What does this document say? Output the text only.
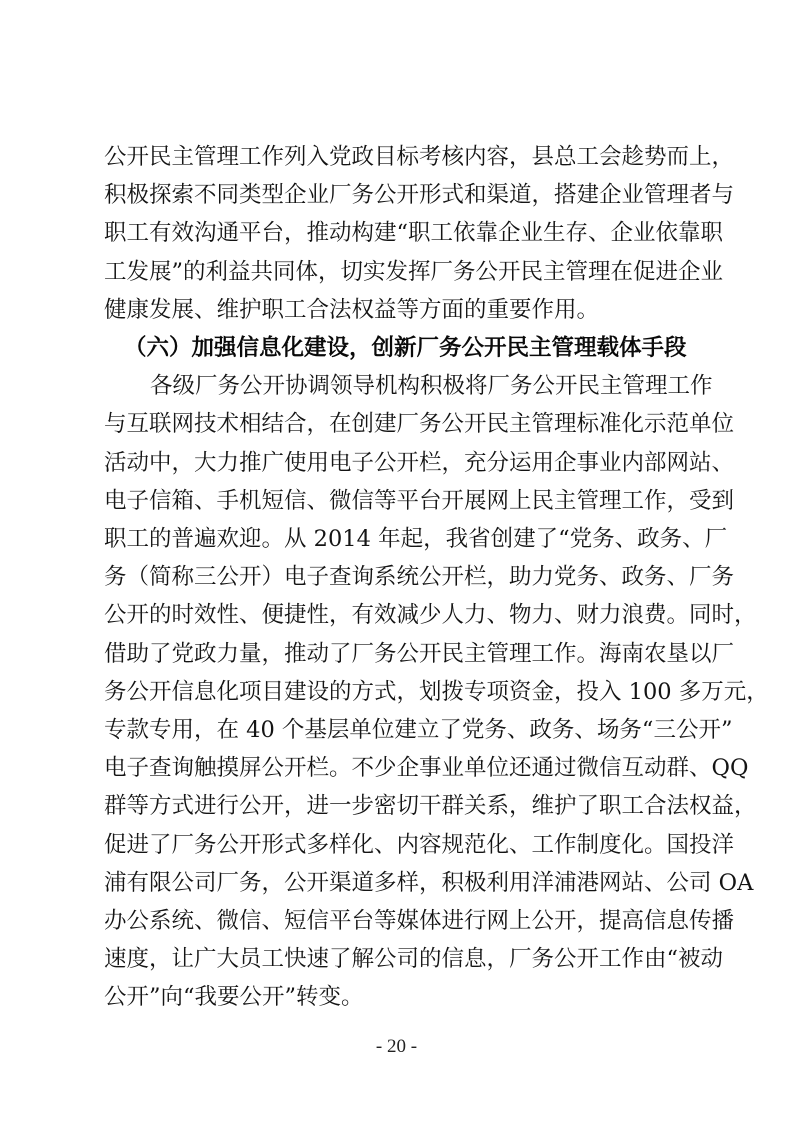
公开民主管理工作列入党政目标考核内容，县总工会趁势而上，
积极探索不同类型企业厂务公开形式和渠道，搭建企业管理者与
职工有效沟通平台，推动构建“职工依靠企业生存、企业依靠职
工发展”的利益共同体，切实发挥厂务公开民主管理在促进企业
健康发展、维护职工合法权益等方面的重要作用。
（六）加强信息化建设，创新厂务公开民主管理载体手段
各级厂务公开协调领导机构积极将厂务公开民主管理工作
与互联网技术相结合，在创建厂务公开民主管理标准化示范单位
活动中，大力推广使用电子公开栏，充分运用企事业内部网站、
电子信箱、手机短信、微信等平台开展网上民主管理工作，受到
职工的普遍欢迎。从 2014 年起，我省创建了“党务、政务、厂
务（简称三公开）电子查询系统公开栏，助力党务、政务、厂务
公开的时效性、便捷性，有效减少人力、物力、财力浪费。同时，
借助了党政力量，推动了厂务公开民主管理工作。海南农垦以厂
务公开信息化项目建设的方式，划拨专项资金，投入 100 多万元，
专款专用，在 40 个基层单位建立了党务、政务、场务“三公开”
电子查询触摸屏公开栏。不少企事业单位还通过微信互动群、QQ
群等方式进行公开，进一步密切干群关系，维护了职工合法权益，
促进了厂务公开形式多样化、内容规范化、工作制度化。国投洋
浦有限公司厂务，公开渠道多样，积极利用洋浦港网站、公司 OA
办公系统、微信、短信平台等媒体进行网上公开，提高信息传播
速度，让广大员工快速了解公司的信息，厂务公开工作由“被动
公开”向“我要公开”转变。
- 20 -
